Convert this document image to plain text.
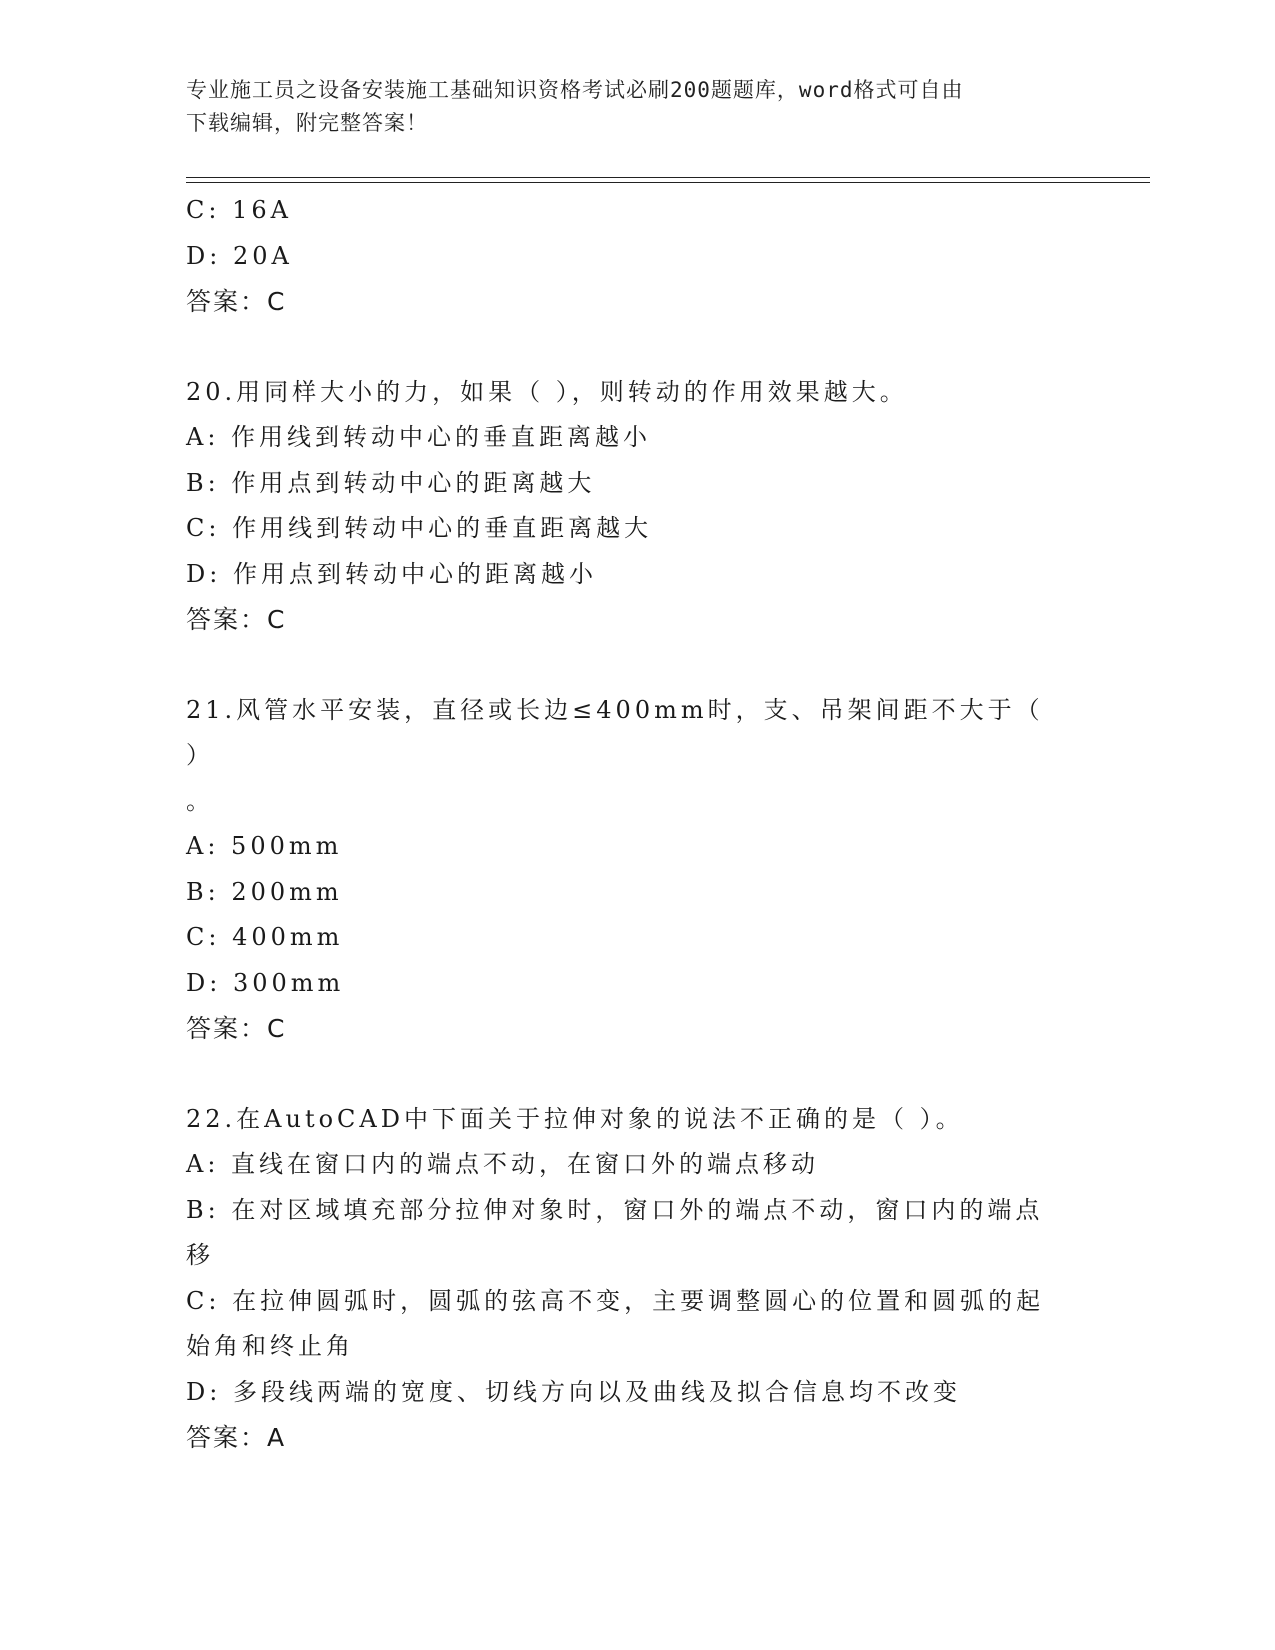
专业施工员之设备安装施工基础知识资格考试必刷200题题库，word格式可自由
下载编辑，附完整答案！
C: 16A
D: 20A
答案：C
20.用同样大小的力，如果（ ），则转动的作用效果越大。
A: 作用线到转动中心的垂直距离越小
B: 作用点到转动中心的距离越大
C: 作用线到转动中心的垂直距离越大
D: 作用点到转动中心的距离越小
答案：C
21.风管水平安装，直径或长边≤400mm时，支、吊架间距不大于（ ）
。
A: 500mm
B: 200mm
C: 400mm
D: 300mm
答案：C
22.在AutoCAD中下面关于拉伸对象的说法不正确的是（ ）。
A: 直线在窗口内的端点不动，在窗口外的端点移动
B: 在对区域填充部分拉伸对象时，窗口外的端点不动，窗口内的端点
移
C: 在拉伸圆弧时，圆弧的弦高不变，主要调整圆心的位置和圆弧的起
始角和终止角
D: 多段线两端的宽度、切线方向以及曲线及拟合信息均不改变
答案：A
